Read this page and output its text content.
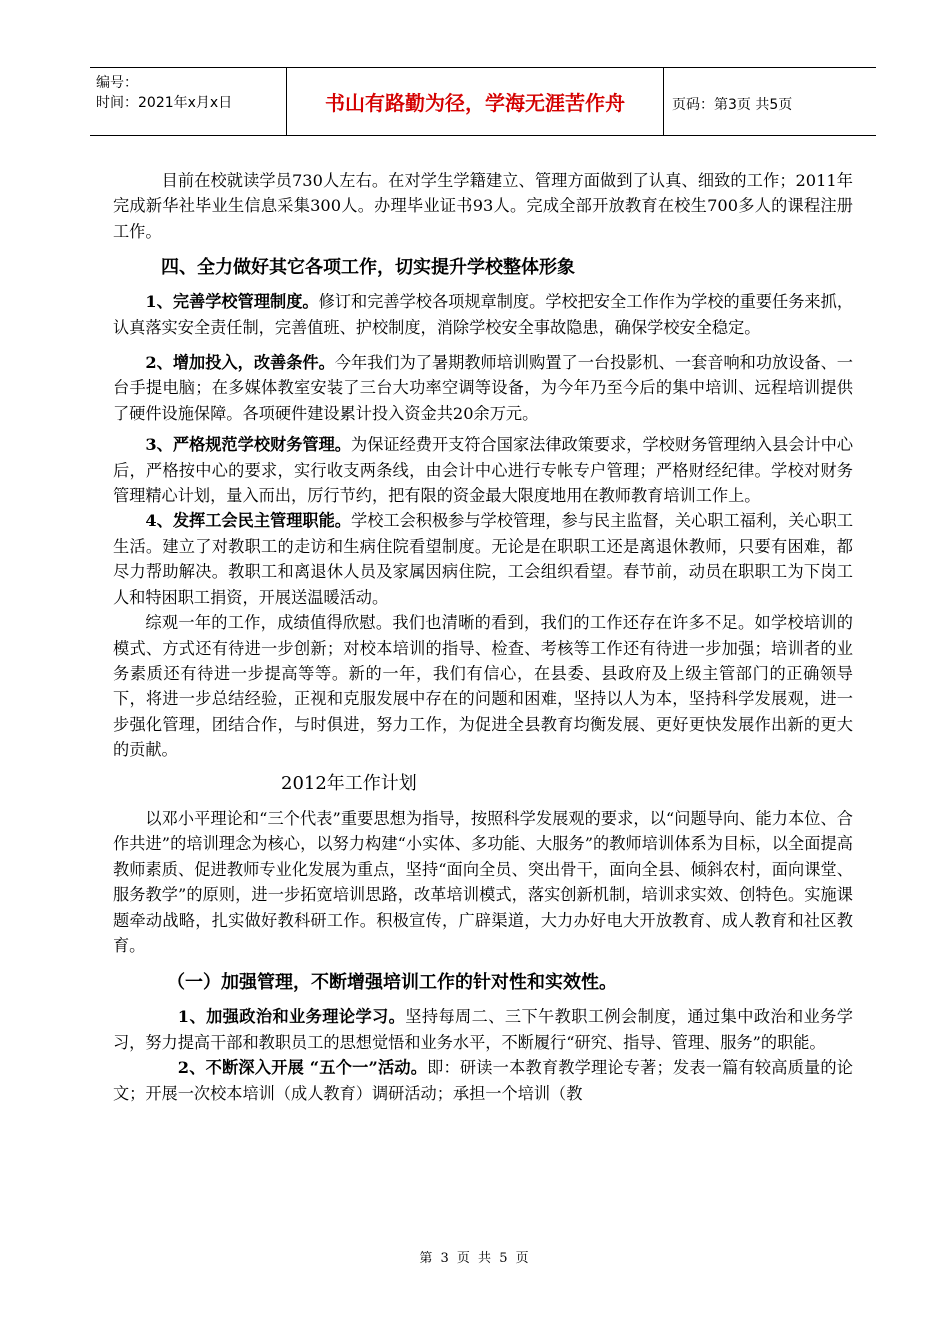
编号：
时间：2021年x月x日	书山有路勤为径，学海无涯苦作舟	页码：第3页 共5页

目前在校就读学员730人左右。在对学生学籍建立、管理方面做到了认真、细致的工作；2011年完成新华社毕业生信息采集300人。办理毕业证书93人。完成全部开放教育在校生700多人的课程注册工作。

四、全力做好其它各项工作，切实提升学校整体形象

1、完善学校管理制度。修订和完善学校各项规章制度。学校把安全工作作为学校的重要任务来抓，认真落实安全责任制，完善值班、护校制度，消除学校安全事故隐患，确保学校安全稳定。

2、增加投入，改善条件。今年我们为了暑期教师培训购置了一台投影机、一套音响和功放设备、一台手提电脑；在多媒体教室安装了三台大功率空调等设备，为今年乃至今后的集中培训、远程培训提供了硬件设施保障。各项硬件建设累计投入资金共20余万元。

3、严格规范学校财务管理。为保证经费开支符合国家法律政策要求，学校财务管理纳入县会计中心后，严格按中心的要求，实行收支两条线，由会计中心进行专帐专户管理；严格财经纪律。学校对财务管理精心计划，量入而出，厉行节约，把有限的资金最大限度地用在教师教育培训工作上。

4、发挥工会民主管理职能。学校工会积极参与学校管理，参与民主监督，关心职工福利，关心职工生活。建立了对教职工的走访和生病住院看望制度。无论是在职职工还是离退休教师，只要有困难，都尽力帮助解决。教职工和离退休人员及家属因病住院，工会组织看望。春节前，动员在职职工为下岗工人和特困职工捐资，开展送温暖活动。

综观一年的工作，成绩值得欣慰。我们也清晰的看到，我们的工作还存在许多不足。如学校培训的模式、方式还有待进一步创新；对校本培训的指导、检查、考核等工作还有待进一步加强；培训者的业务素质还有待进一步提高等等。新的一年，我们有信心，在县委、县政府及上级主管部门的正确领导下，将进一步总结经验，正视和克服发展中存在的问题和困难，坚持以人为本，坚持科学发展观，进一步强化管理，团结合作，与时俱进，努力工作，为促进全县教育均衡发展、更好更快发展作出新的更大的贡献。

2012年工作计划

以邓小平理论和“三个代表”重要思想为指导，按照科学发展观的要求，以“问题导向、能力本位、合作共进”的培训理念为核心，以努力构建“小实体、多功能、大服务”的教师培训体系为目标，以全面提高教师素质、促进教师专业化发展为重点，坚持“面向全员、突出骨干，面向全县、倾斜农村，面向课堂、服务教学”的原则，进一步拓宽培训思路，改革培训模式，落实创新机制，培训求实效、创特色。实施课题牵动战略，扎实做好教科研工作。积极宣传，广辟渠道，大力办好电大开放教育、成人教育和社区教育。

（一）加强管理，不断增强培训工作的针对性和实效性。

1、加强政治和业务理论学习。坚持每周二、三下午教职工例会制度，通过集中政治和业务学习，努力提高干部和教职员工的思想觉悟和业务水平，不断履行“研究、指导、管理、服务”的职能。

2、不断深入开展 “五个一”活动。即：研读一本教育教学理论专著；发表一篇有较高质量的论文；开展一次校本培训（成人教育）调研活动；承担一个培训（教

第 3 页 共 5 页
